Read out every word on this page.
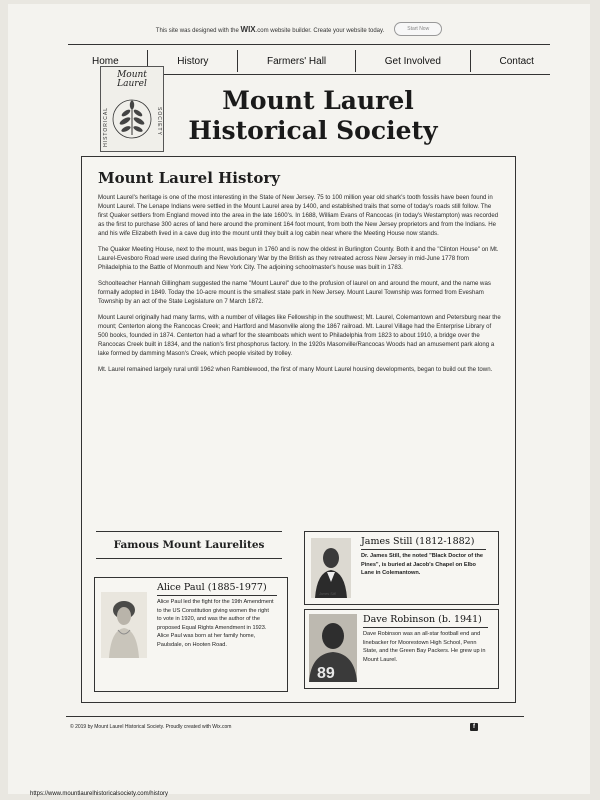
This site was designed with the WIX.com website builder. Create your website today.	Start Now
Home	History	Farmers' Hall	Get Involved	Contact
Mount
Laurel
HISTORICAL	SOCIETY
Mount Laurel
Historical Society
Mount Laurel History

Mount Laurel's heritage is one of the most interesting in the State of New Jersey. 75 to 100 million year old shark's tooth fossils have been found in Mount Laurel. The Lenape Indians were settled in the Mount Laurel area by 1400, and established trails that some of today's roads still follow. The first Quaker settlers from England moved into the area in the late 1600's. In 1688, William Evans of Rancocas (in today's Westampton) was recorded as the first to purchase 300 acres of land here around the prominent 164 foot mount, from both the New Jersey proprietors and from the Indians. He and his wife Elizabeth lived in a cave dug into the mount until they built a log cabin near where the Meeting House now stands.

The Quaker Meeting House, next to the mount, was begun in 1760 and is now the oldest in Burlington County. Both it and the "Clinton House" on Mt. Laurel-Evesboro Road were used during the Revolutionary War by the British as they retreated across New Jersey in mid-June 1778 from Philadelphia to the Battle of Monmouth and New York City. The adjoining schoolmaster's house was built in 1783.

Schoolteacher Hannah Gillingham suggested the name "Mount Laurel" due to the profusion of laurel on and around the mount, and the name was formally adopted in 1849. Today the 10-acre mount is the smallest state park in New Jersey. Mount Laurel Township was formed from Evesham Township by an act of the State Legislature on 7 March 1872.

Mount Laurel originally had many farms, with a number of villages like Fellowship in the southwest; Mt. Laurel, Colemantown and Petersburg near the mount; Centerton along the Rancocas Creek; and Hartford and Masonville along the 1867 railroad. Mt. Laurel Village had the Enterprise Library of 500 books, founded in 1874. Centerton had a wharf for the steamboats which went to Philadelphia from 1823 to about 1910, a bridge over the Rancocas Creek built in 1834, and the nation's first phosphorus factory. In the 1920s Masonville/Rancocas Woods had an amusement park along a lake formed by damming Mason's Creek, which people visited by trolley.

Mt. Laurel remained largely rural until 1962 when Ramblewood, the first of many Mount Laurel housing developments, began to build out the town.

Famous Mount Laurelites
James Still
James Still (1812-1882)
Dr. James Still, the noted "Black Doctor of the Pines", is buried at Jacob's Chapel on Elbo Lane in Colemantown.
Alice Paul (1885-1977)
Alice Paul led the fight for the 19th Amendment to the US Constitution giving women the right to vote in 1920, and was the author of the proposed Equal Rights Amendment in 1923. Alice Paul was born at her family home, Paulsdale, on Hooten Road.
89
Dave Robinson (b. 1941)
Dave Robinson was an all-star football end and linebacker for Moorestown High School, Penn State, and the Green Bay Packers. He grew up in Mount Laurel.
© 2019 by Mount Laurel Historical Society. Proudly created with Wix.com	f
https://www.mountlaurelhistoricalsociety.com/history
